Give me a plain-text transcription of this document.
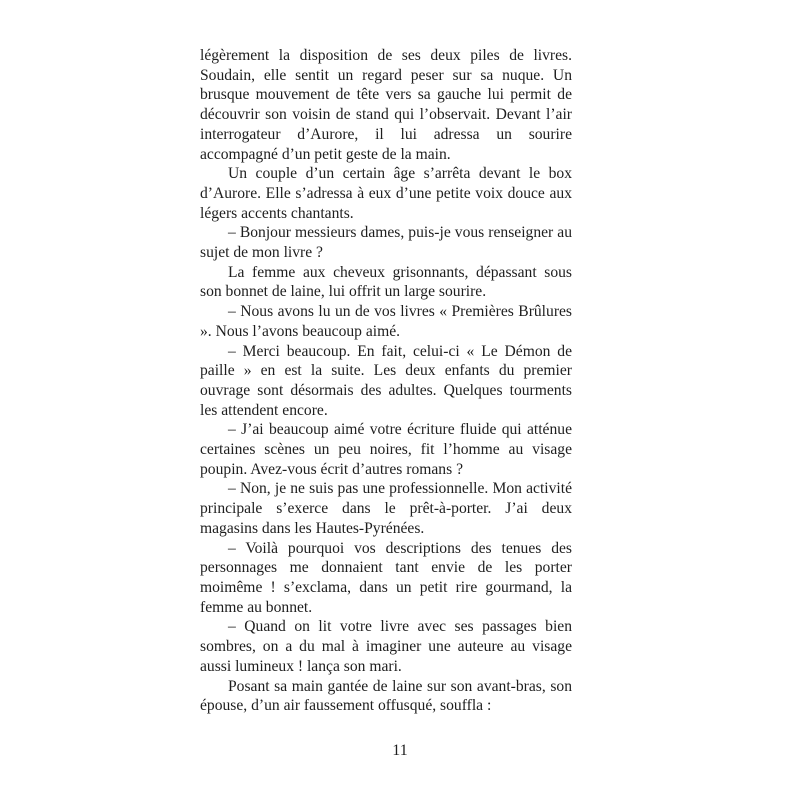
légèrement la disposition de ses deux piles de livres. Soudain, elle sentit un regard peser sur sa nuque. Un brusque mouvement de tête vers sa gauche lui permit de découvrir son voisin de stand qui l’observait. Devant l’air interrogateur d’Aurore, il lui adressa un sourire accompagné d’un petit geste de la main.

Un couple d’un certain âge s’arrêta devant le box d’Aurore. Elle s’adressa à eux d’une petite voix douce aux légers accents chantants.

– Bonjour messieurs dames, puis-je vous renseigner au sujet de mon livre ?

La femme aux cheveux grisonnants, dépassant sous son bonnet de laine, lui offrit un large sourire.

– Nous avons lu un de vos livres « Premières Brûlures ». Nous l’avons beaucoup aimé.

– Merci beaucoup. En fait, celui-ci « Le Démon de paille » en est la suite. Les deux enfants du premier ouvrage sont désormais des adultes. Quelques tourments les attendent encore.

– J’ai beaucoup aimé votre écriture fluide qui atténue certaines scènes un peu noires, fit l’homme au visage poupin. Avez-vous écrit d’autres romans ?

– Non, je ne suis pas une professionnelle. Mon activité principale s’exerce dans le prêt-à-porter. J’ai deux magasins dans les Hautes-Pyrénées.

– Voilà pourquoi vos descriptions des tenues des personnages me donnaient tant envie de les porter moimême ! s’exclama, dans un petit rire gourmand, la femme au bonnet.

– Quand on lit votre livre avec ses passages bien sombres, on a du mal à imaginer une auteure au visage aussi lumineux ! lança son mari.

Posant sa main gantée de laine sur son avant-bras, son épouse, d’un air faussement offusqué, souffla :

11
